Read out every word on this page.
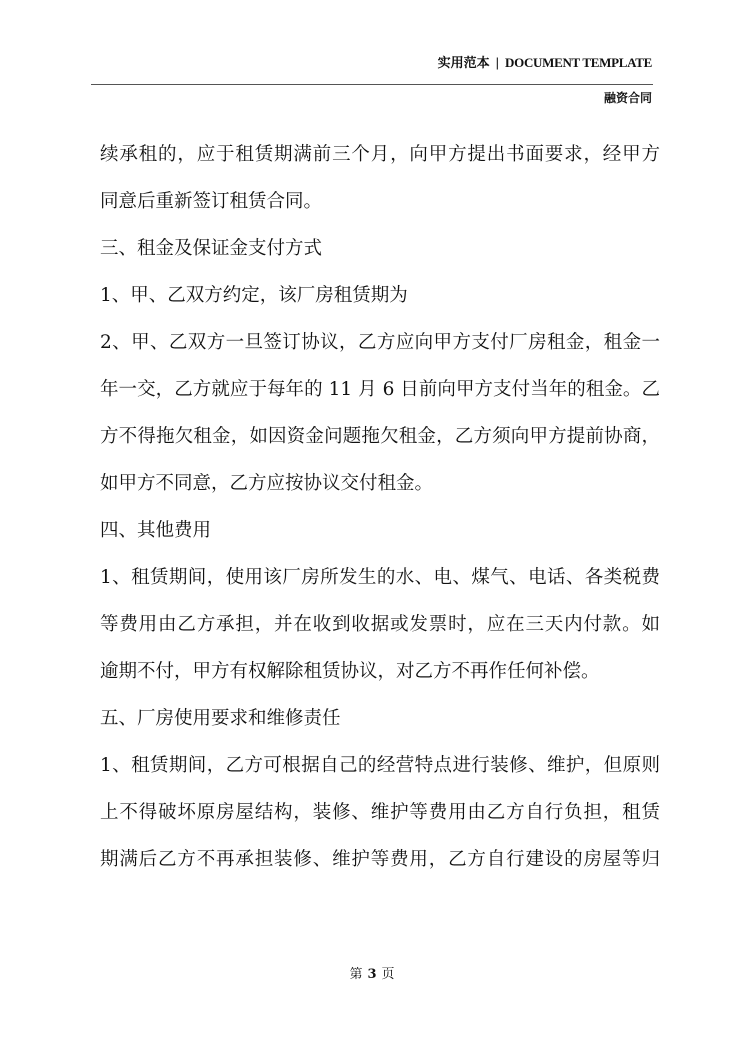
实用范本 | DOCUMENT TEMPLATE
融资合同
续承租的，应于租赁期满前三个月，向甲方提出书面要求，经甲方
同意后重新签订租赁合同。
三、租金及保证金支付方式
1、甲、乙双方约定，该厂房租赁期为
2、甲、乙双方一旦签订协议，乙方应向甲方支付厂房租金，租金一
年一交，乙方就应于每年的 11 月 6 日前向甲方支付当年的租金。乙
方不得拖欠租金，如因资金问题拖欠租金，乙方须向甲方提前协商，
如甲方不同意，乙方应按协议交付租金。
四、其他费用
1、租赁期间，使用该厂房所发生的水、电、煤气、电话、各类税费
等费用由乙方承担，并在收到收据或发票时，应在三天内付款。如
逾期不付，甲方有权解除租赁协议，对乙方不再作任何补偿。
五、厂房使用要求和维修责任
1、租赁期间，乙方可根据自己的经营特点进行装修、维护，但原则
上不得破坏原房屋结构，装修、维护等费用由乙方自行负担，租赁
期满后乙方不再承担装修、维护等费用，乙方自行建设的房屋等归
第 3 页
